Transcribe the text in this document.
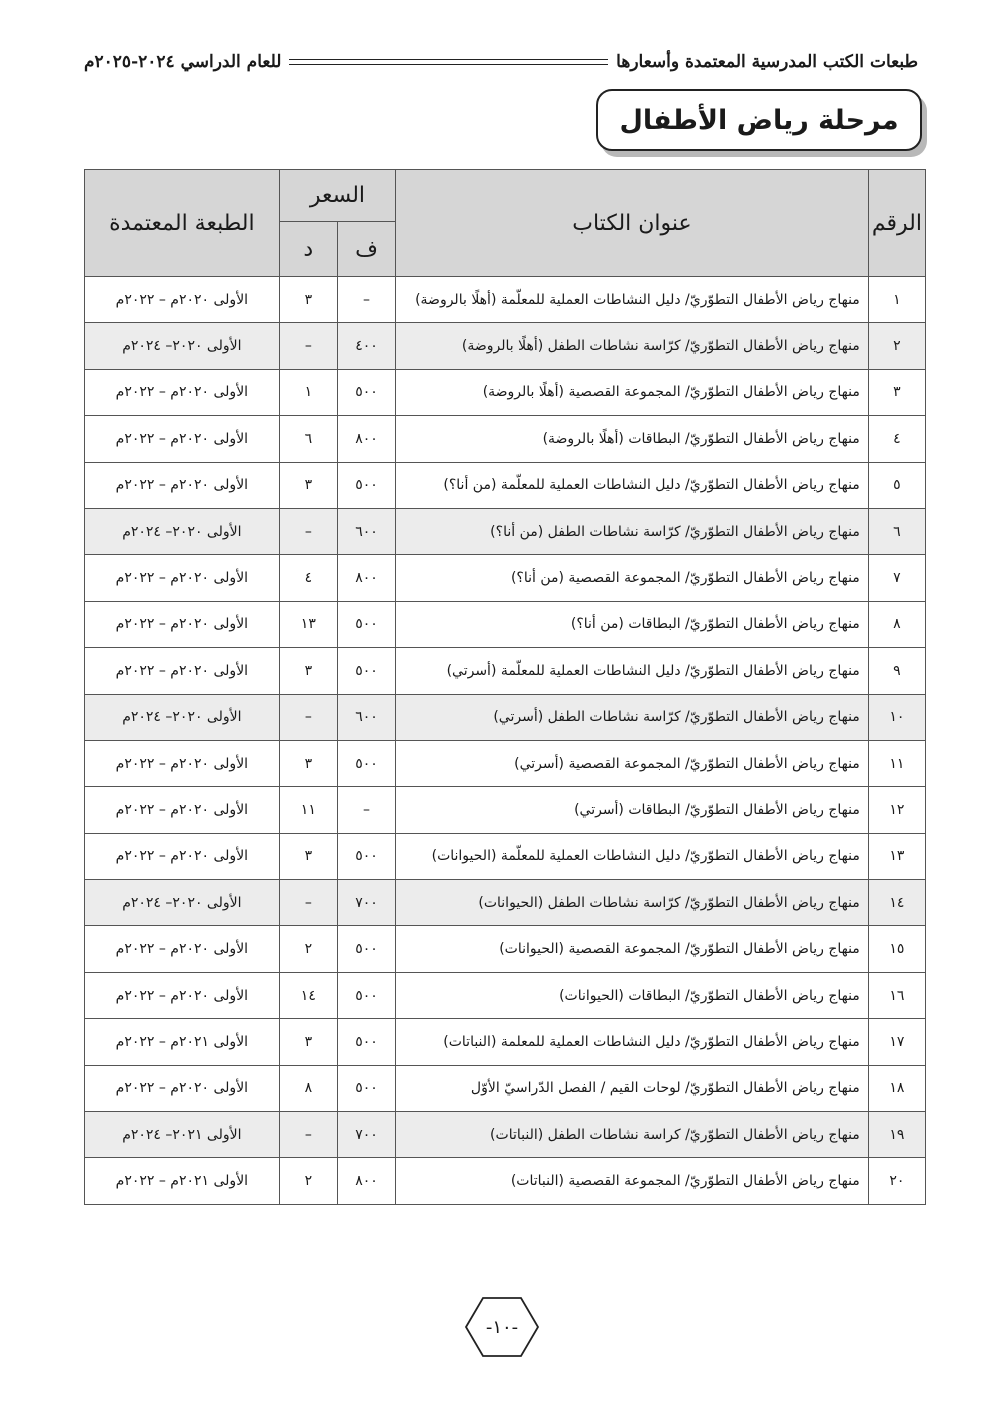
طبعات الكتب المدرسية المعتمدة وأسعارها
للعام الدراسي ٢٠٢٤-٢٠٢٥م
مرحلة رياض الأطفال
الرقم	عنوان الكتاب	السعر		الطبعة المعتمدة
		ف	د	
١	منهاج رياض الأطفال التطوّريّ/ دليل النشاطات العملية للمعلّمة (أهلًا بالروضة)	–	٣	الأولى ٢٠٢٠م – ٢٠٢٢م
٢	منهاج رياض الأطفال التطوّريّ/ كرّاسة نشاطات الطفل (أهلًا بالروضة)	٤٠٠	–	الأولى ٢٠٢٠– ٢٠٢٤م
٣	منهاج رياض الأطفال التطوّريّ/ المجموعة القصصية (أهلًا بالروضة)	٥٠٠	١	الأولى ٢٠٢٠م – ٢٠٢٢م
٤	منهاج رياض الأطفال التطوّريّ/ البطاقات (أهلًا بالروضة)	٨٠٠	٦	الأولى ٢٠٢٠م – ٢٠٢٢م
٥	منهاج رياض الأطفال التطوّريّ/ دليل النشاطات العملية للمعلّمة (من أنا؟)	٥٠٠	٣	الأولى ٢٠٢٠م – ٢٠٢٢م
٦	منهاج رياض الأطفال التطوّريّ/ كرّاسة نشاطات الطفل (من أنا؟)	٦٠٠	–	الأولى ٢٠٢٠– ٢٠٢٤م
٧	منهاج رياض الأطفال التطوّريّ/ المجموعة القصصية (من أنا؟)	٨٠٠	٤	الأولى ٢٠٢٠م – ٢٠٢٢م
٨	منهاج رياض الأطفال التطوّريّ/ البطاقات (من أنا؟)	٥٠٠	١٣	الأولى ٢٠٢٠م – ٢٠٢٢م
٩	منهاج رياض الأطفال التطوّريّ/ دليل النشاطات العملية للمعلّمة (أسرتي)	٥٠٠	٣	الأولى ٢٠٢٠م – ٢٠٢٢م
١٠	منهاج رياض الأطفال التطوّريّ/ كرّاسة نشاطات الطفل (أسرتي)	٦٠٠	–	الأولى ٢٠٢٠– ٢٠٢٤م
١١	منهاج رياض الأطفال التطوّريّ/ المجموعة القصصية (أسرتي)	٥٠٠	٣	الأولى ٢٠٢٠م – ٢٠٢٢م
١٢	منهاج رياض الأطفال التطوّريّ/ البطاقات (أسرتي)	–	١١	الأولى ٢٠٢٠م – ٢٠٢٢م
١٣	منهاج رياض الأطفال التطوّريّ/ دليل النشاطات العملية للمعلّمة (الحيوانات)	٥٠٠	٣	الأولى ٢٠٢٠م – ٢٠٢٢م
١٤	منهاج رياض الأطفال التطوّريّ/ كرّاسة نشاطات الطفل (الحيوانات)	٧٠٠	–	الأولى ٢٠٢٠– ٢٠٢٤م
١٥	منهاج رياض الأطفال التطوّريّ/ المجموعة القصصية (الحيوانات)	٥٠٠	٢	الأولى ٢٠٢٠م – ٢٠٢٢م
١٦	منهاج رياض الأطفال التطوّريّ/ البطاقات (الحيوانات)	٥٠٠	١٤	الأولى ٢٠٢٠م – ٢٠٢٢م
١٧	منهاج رياض الأطفال التطوّريّ/ دليل النشاطات العملية للمعلمة (النباتات)	٥٠٠	٣	الأولى ٢٠٢١م – ٢٠٢٢م
١٨	منهاج رياض الأطفال التطوّريّ/ لوحات القيم / الفصل الدّراسيّ الأوّل	٥٠٠	٨	الأولى ٢٠٢٠م – ٢٠٢٢م
١٩	منهاج رياض الأطفال التطوّريّ/ كراسة نشاطات الطفل (النباتات)	٧٠٠	–	الأولى ٢٠٢١– ٢٠٢٤م
٢٠	منهاج رياض الأطفال التطوّريّ/ المجموعة القصصية (النباتات)	٨٠٠	٢	الأولى ٢٠٢١م – ٢٠٢٢م
-١٠-
